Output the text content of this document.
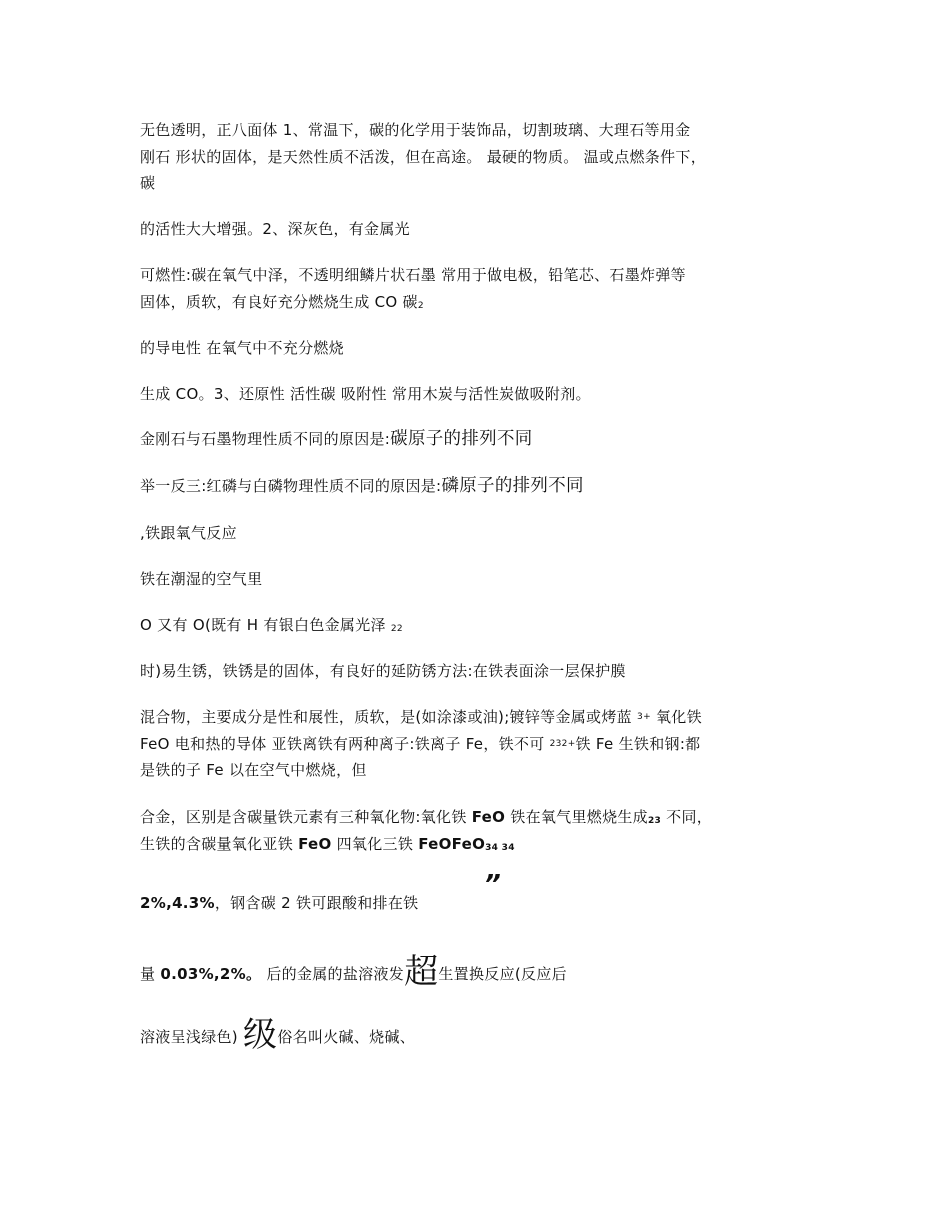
无色透明，正八面体 1、常温下，碳的化学用于装饰品，切割玻璃、大理石等用金
刚石 形状的固体，是天然性质不活泼，但在高途。 最硬的物质。 温或点燃条件下，
碳
的活性大大增强。2、深灰色，有金属光
可燃性:碳在氧气中泽，不透明细鳞片状石墨 常用于做电极，铅笔芯、石墨炸弹等
固体，质软，有良好充分燃烧生成 CO 碳2
的导电性 在氧气中不充分燃烧
生成 CO。3、还原性 活性碳 吸附性 常用木炭与活性炭做吸附剂。
金刚石与石墨物理性质不同的原因是:碳原子的排列不同
举一反三:红磷与白磷物理性质不同的原因是:磷原子的排列不同
,铁跟氧气反应
铁在潮湿的空气里
O 又有 O(既有 H 有银白色金属光泽 22
时)易生锈，铁锈是的固体，有良好的延防锈方法:在铁表面涂一层保护膜
混合物，主要成分是性和展性，质软，是(如涂漆或油);镀锌等金属或烤蓝 $^{3+}$ 氧化铁
FeO 电和热的导体 亚铁离铁有两种离子:铁离子 Fe，铁不可 $^{232+}$铁 Fe 生铁和钢:都
是铁的子 Fe 以在空气中燃烧，但
合金，区别是含碳量铁元素有三种氧化物:氧化铁 FeO 铁在氧气里燃烧生成23 不同，
生铁的含碳量氧化亚铁 FeO 四氧化三铁 FeOFeO34 34
”
2%,4.3%，钢含碳 2 铁可跟酸和排在铁
量 0.03%,2%。 后的金属的盐溶液发超生置换反应(反应后
溶液呈浅绿色) 级俗名叫火碱、烧碱、
